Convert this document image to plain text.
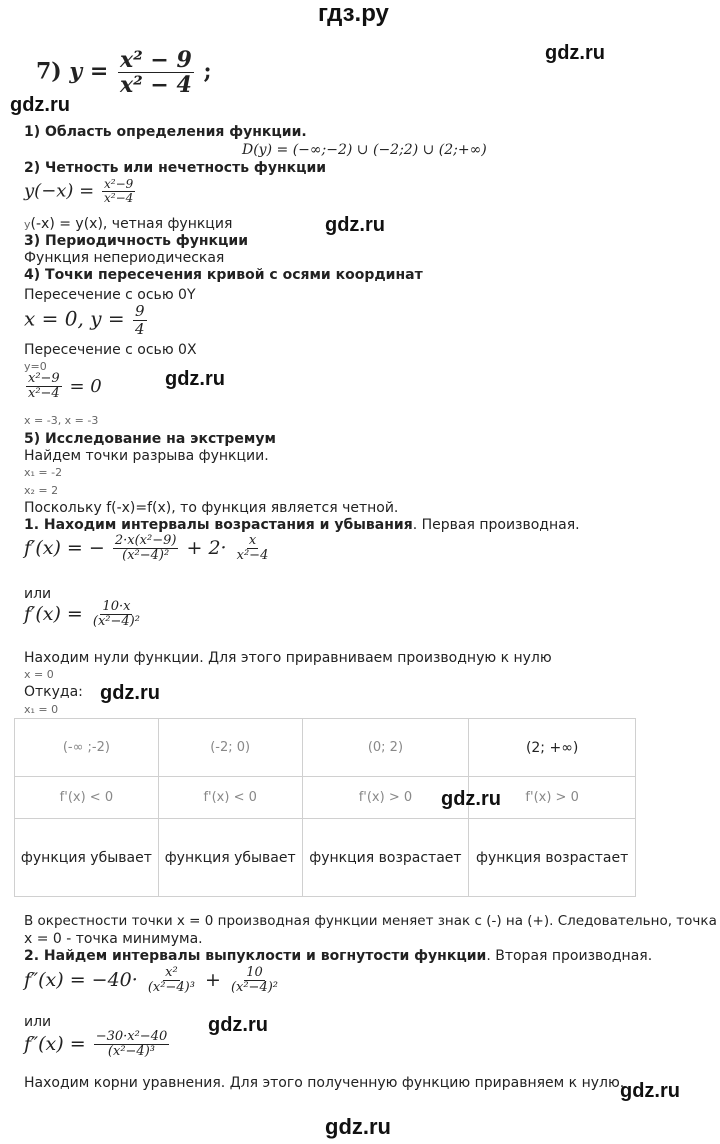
гдз.ру
gdz.ru
gdz.ru
gdz.ru
gdz.ru
gdz.ru
gdz.ru
gdz.ru
gdz.ru
gdz.ru
7) $y = \frac{\text{x² − 9}}{\text{x² − 4}}$ ;
1) Область определения функции.
D(y) = (−∞;−2) ∪ (−2;2) ∪ (2;+∞)
2) Четность или нечетность функции
$y(-x) = \frac{\text{x²−9}}{\text{x²−4}}$
y(-x) = y(x), четная функция
3) Периодичность функции
Функция непериодическая
4) Точки пересечения кривой с осями координат
Пересечение с осью 0Y
x = 0, $y = \frac{9}{4}$
Пересечение с осью 0X
y=0
$\frac{\text{x²−9}}{\text{x²−4}} = 0$
x = -3, x = -3
5) Исследование на экстремум
Найдем точки разрыва функции.
x₁ = -2
x₂ = 2
Поскольку f(-x)=f(x), то функция является четной.
1. Находим интервалы возрастания и убывания. Первая производная.
f′(x) = − $\frac{\text{2·x(x²−9)}}{\text{(x²−4)²}} + 2\cdot \frac{x}{\text{x²−4}}$
или
$f'(x) = \frac{10\cdot x}{\text{(x²−4)²}}$
Находим нули функции. Для этого приравниваем производную к нулю
x = 0
Откуда:
x₁ = 0
(-∞ ;-2)	(-2; 0)	(0; 2)	(2; +∞)
f'(x) < 0	f'(x) < 0	f'(x) > 0	f'(x) > 0
функция убывает	функция убывает	функция возрастает	функция возрастает
В окрестности точки x = 0 производная функции меняет знак с (-) на (+). Следовательно, точка
x = 0 - точка минимума.
2. Найдем интервалы выпуклости и вогнутости функции. Вторая производная.
$f''(x) = -40\cdot \frac{\text{x²}}{\text{(x²−4)³}} + \frac{10}{\text{(x²−4)²}}$
или
$f''(x) = \frac{\text{−30·x²−40}}{\text{(x²−4)³}}$
Находим корни уравнения. Для этого полученную функцию приравняем к нулю.
